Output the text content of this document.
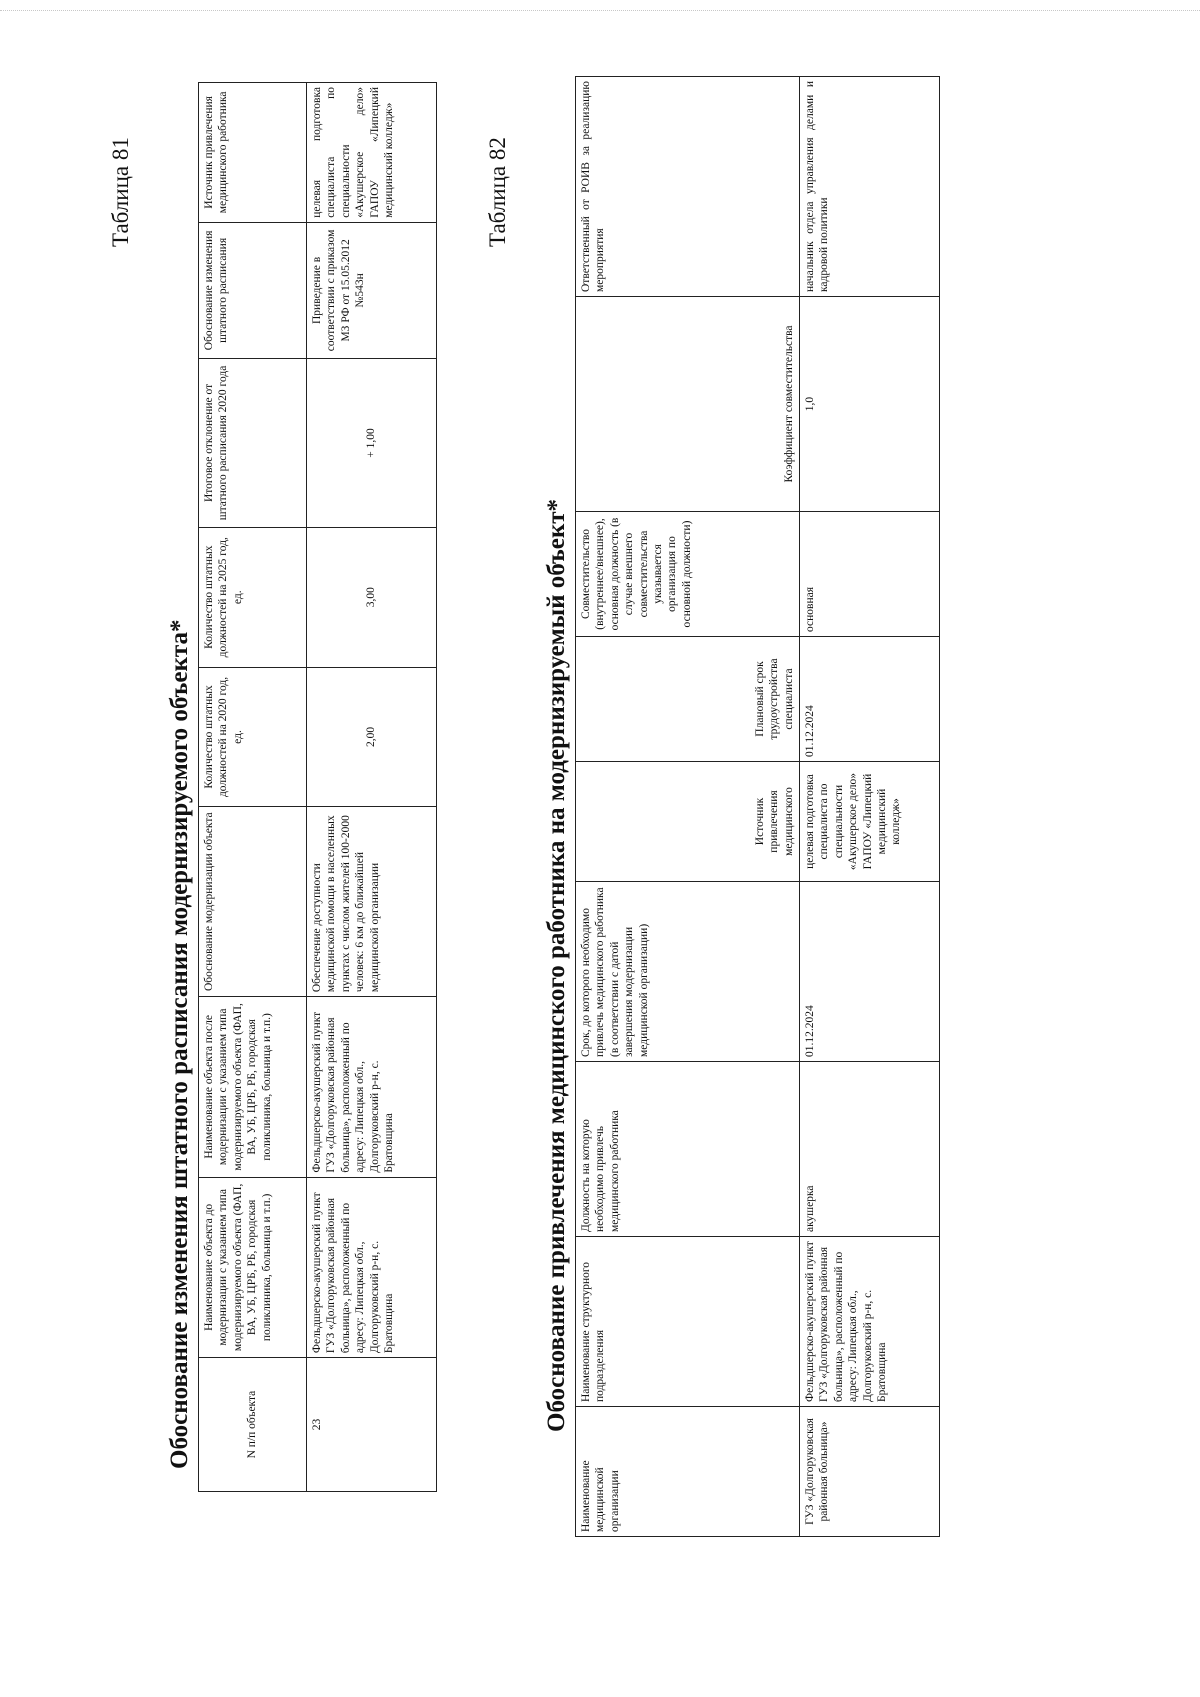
Таблица 81
Обоснование изменения штатного расписания модернизируемого объекта*	N п/п объекта	Наименование объекта до модернизации с указанием типа модернизируемого объекта (ФАП, ВА, УБ, ЦРБ, РБ, городская поликлиника, больница и т.п.)	Наименование объекта после модернизации с указанием типа модернизируемого объекта (ФАП, ВА, УБ, ЦРБ, РБ, городская поликлиника, больница и т.п.)	Обоснование модернизации объекта	Количество штатных должностей на 2020 год, ед.	Количество штатных должностей на 2025 год, ед.	Итоговое отклонение от штатного расписания 2020 года	Обоснование изменения штатного расписания	Источник привлечения медицинского работника
23	Фельдшерско-акушерский пункт ГУЗ «Долгоруковская районная больница», расположенный по адресу: Липецкая обл., Долгоруковский р-н, с. Братовщина	Фельдшерско-акушерский пункт ГУЗ «Долгоруковская районная больница», расположенный по адресу: Липецкая обл., Долгоруковский р-н, с. Братовщина	Обеспечение доступности медицинской помощи в населенных пунктах с числом жителей 100-2000 человек: 6 км до ближайшей медицинской организации	2,00	3,00	+ 1,00	Приведение в соответствии с приказом МЗ РФ от 15.05.2012 №543н	целевая подготовка специалиста по специальности «Акушерское дело» ГАПОУ «Липецкий медицинский колледж»	Таблица 82
Обоснование привлечения медицинского работника на модернизируемый объект*
Наименование медицинской организации	Наименование структурного подразделения	Должность на которую необходимо привлечь медицинского работника	Срок, до которого необходимо привлечь медицинского работника (в соответствии с датой завершения модернизации медицинской организации)	Источник привлечения медицинского	Плановый срок трудоустройства специалиста	Совместительство (внутреннее/внешнее), основная должность (в случае внешнего совместительства указывается организация по основной должности)	Коэффициент совместительства	Ответственный от РОИВ за реализацию мероприятия
ГУЗ «Долгоруковская районная больница»	Фельдшерско-акушерский пункт ГУЗ «Долгоруковская районная больница», расположенный по адресу: Липецкая обл., Долгоруковский р-н, с. Братовщина	акушерка	01.12.2024	целевая подготовка специалиста по специальности «Акушерское дело» ГАПОУ «Липецкий медицинский колледж»	01.12.2024	основная	1,0	начальник отдела управления делами и кадровой политики
